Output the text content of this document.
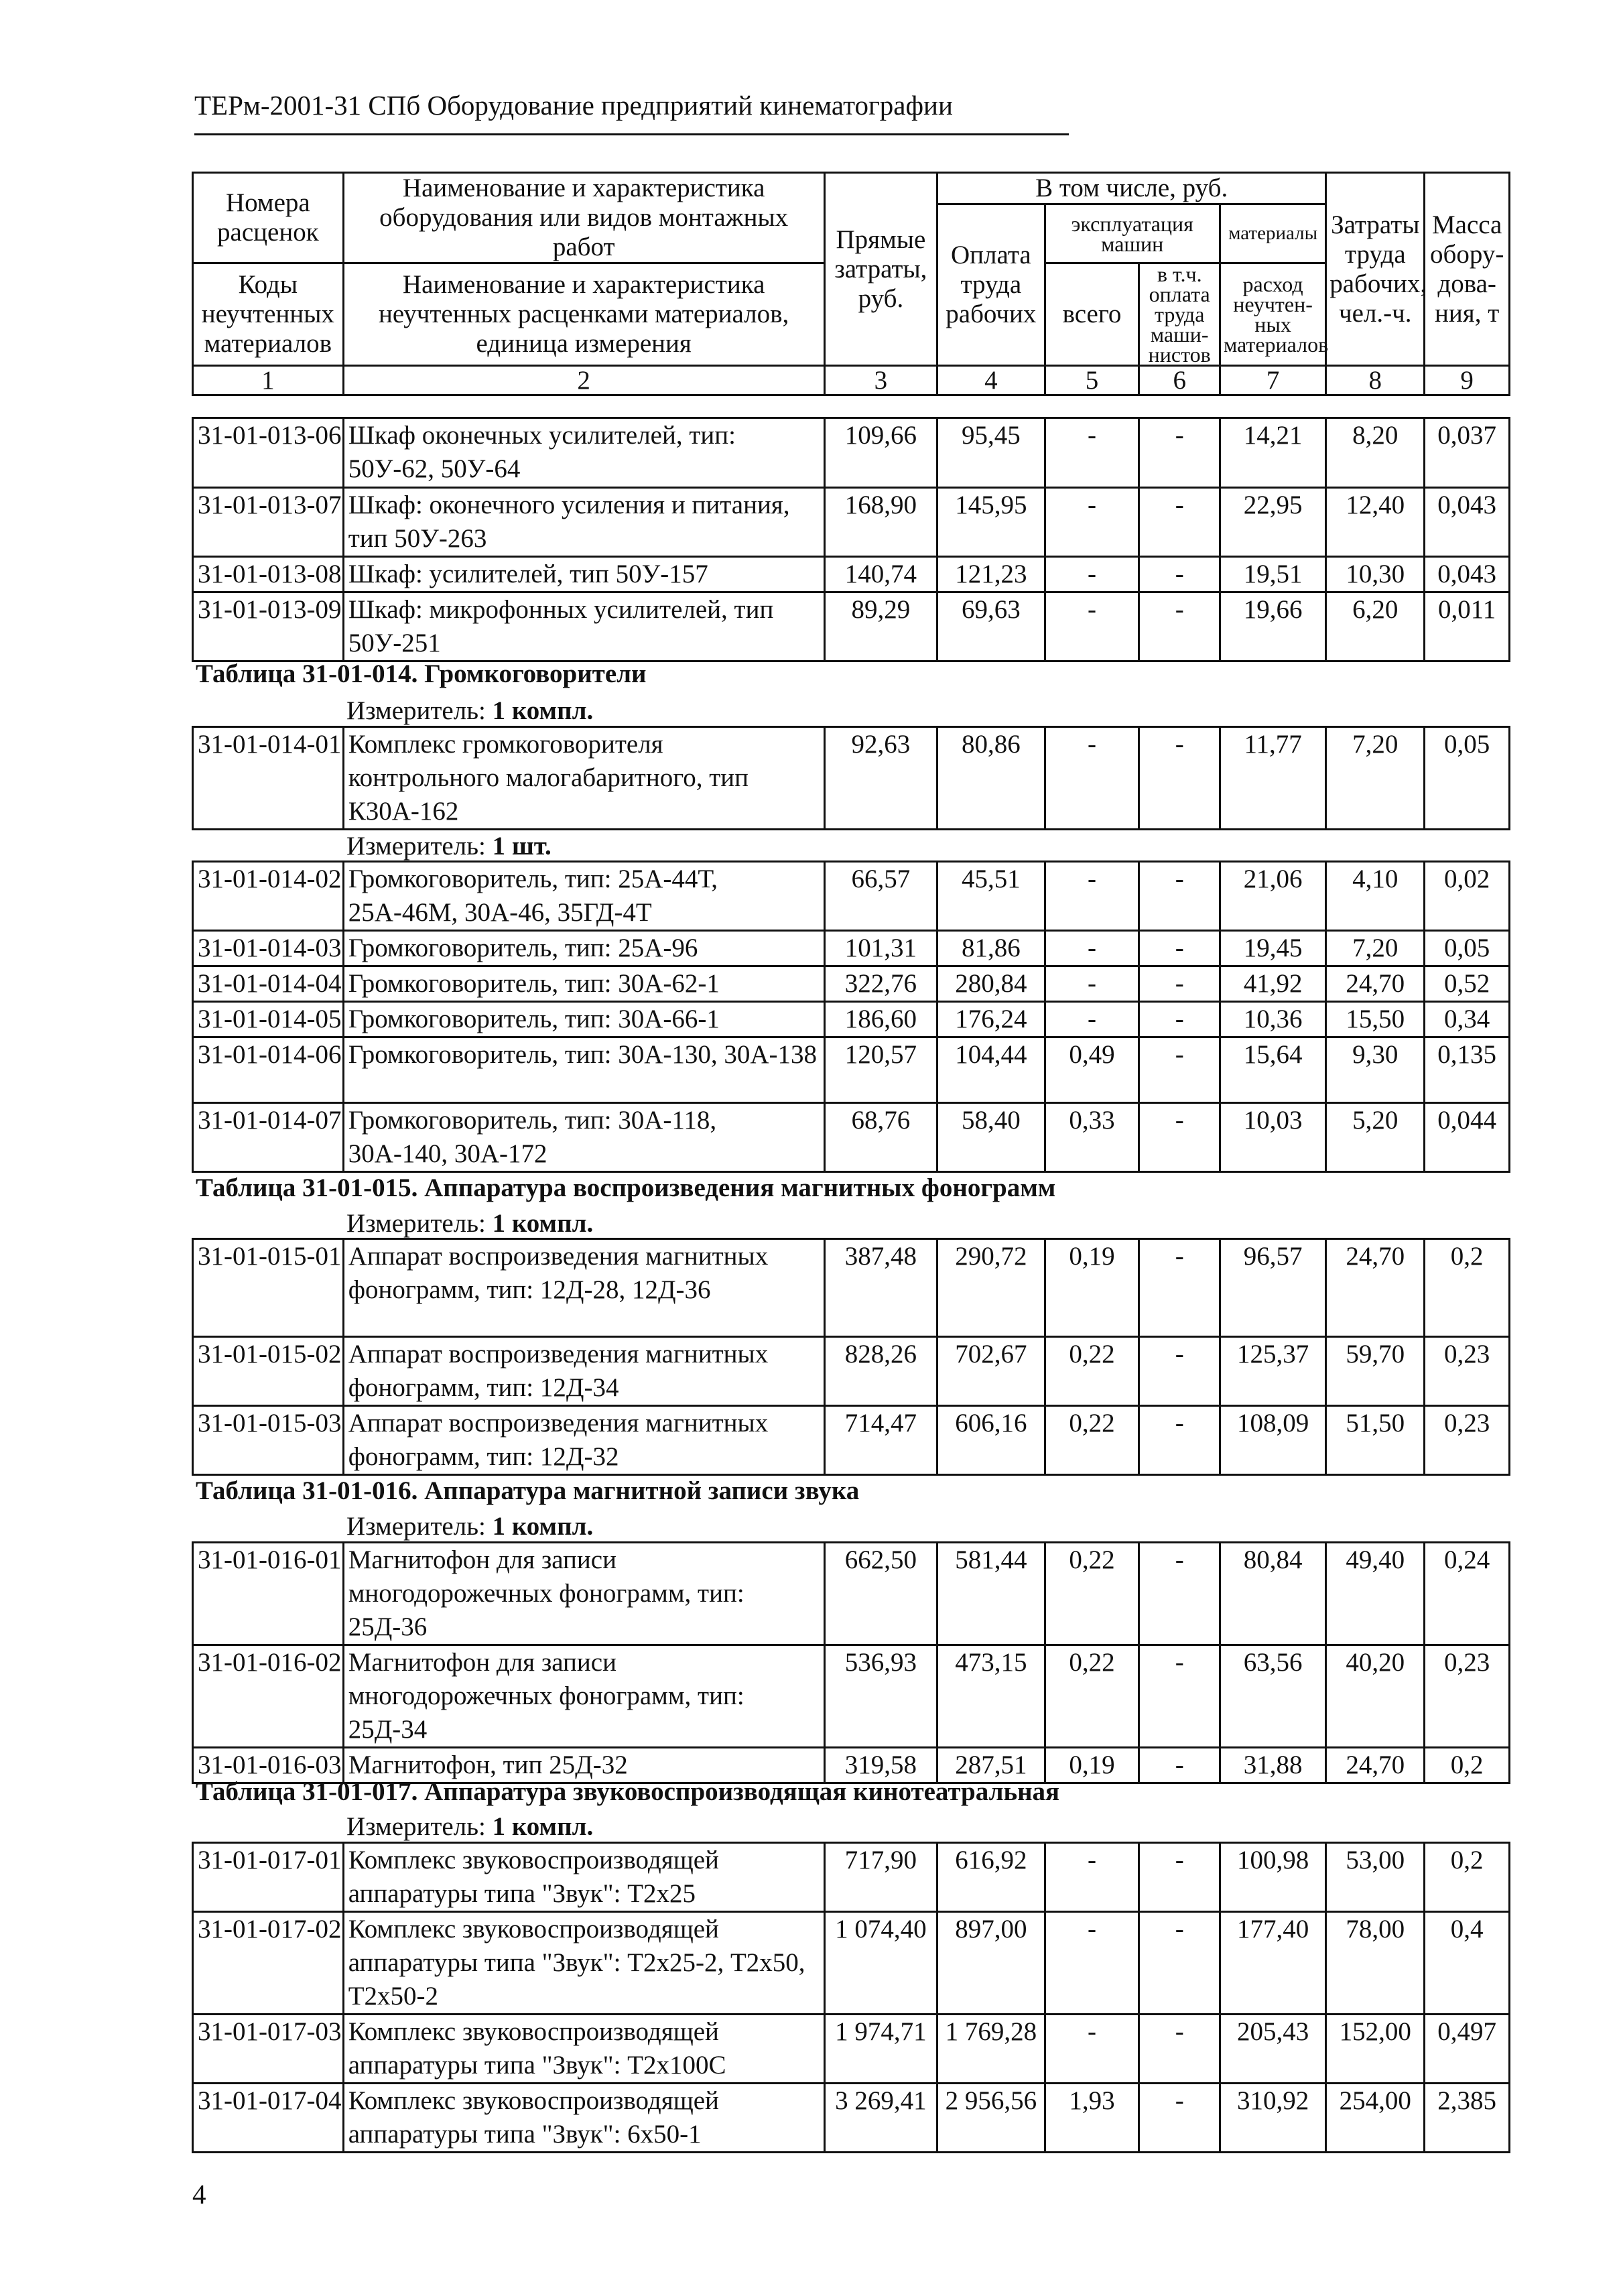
ТЕРм-2001-31 СПб Оборудование предприятий кинематографии
Номера расценок	Наименование и характеристика оборудования или видов монтажных работ	Прямые затраты, руб.	В том числе, руб.				Затраты труда рабочих, чел.-ч.	Масса обору-дова-ния, т
			Оплата труда рабочих	эксплуатация машин		материалы		

Коды неучтенных материалов	Наименование и характеристика неучтенных расценками материалов, единица измерения			всего	в т.ч. оплата труда маши-нистов	расход неучтен-ных материалов		

1	2	3	4	5	6	7	8	9
31-01-013-06	Шкаф оконечных усилителей, тип: 50У-62, 50У-64	109,66	95,45	-	-	14,21	8,20	0,037
31-01-013-07	Шкаф: оконечного усиления и питания, тип 50У-263	168,90	145,95	-	-	22,95	12,40	0,043
31-01-013-08	Шкаф: усилителей, тип 50У-157	140,74	121,23	-	-	19,51	10,30	0,043
31-01-013-09	Шкаф: микрофонных усилителей, тип 50У-251	89,29	69,63	-	-	19,66	6,20	0,011
Таблица 31-01-014. Громкоговорители
Измеритель: 1 компл.
31-01-014-01	Комплекс громкоговорителя контрольного малогабаритного, тип К30А-162	92,63	80,86	-	-	11,77	7,20	0,05
Измеритель: 1 шт.
31-01-014-02	Громкоговоритель, тип: 25А-44Т, 25А-46М, 30А-46, 35ГД-4Т	66,57	45,51	-	-	21,06	4,10	0,02
31-01-014-03	Громкоговоритель, тип: 25А-96	101,31	81,86	-	-	19,45	7,20	0,05
31-01-014-04	Громкоговоритель, тип: 30А-62-1	322,76	280,84	-	-	41,92	24,70	0,52
31-01-014-05	Громкоговоритель, тип: 30А-66-1	186,60	176,24	-	-	10,36	15,50	0,34
31-01-014-06	Громкоговоритель, тип: 30А-130, 30А-138	120,57	104,44	0,49	-	15,64	9,30	0,135
31-01-014-07	Громкоговоритель, тип: 30А-118, 30А-140, 30А-172	68,76	58,40	0,33	-	10,03	5,20	0,044
Таблица 31-01-015. Аппаратура воспроизведения магнитных фонограмм
Измеритель: 1 компл.
31-01-015-01	Аппарат воспроизведения магнитных фонограмм, тип: 12Д-28, 12Д-36	387,48	290,72	0,19	-	96,57	24,70	0,2
31-01-015-02	Аппарат воспроизведения магнитных фонограмм, тип: 12Д-34	828,26	702,67	0,22	-	125,37	59,70	0,23
31-01-015-03	Аппарат воспроизведения магнитных фонограмм, тип: 12Д-32	714,47	606,16	0,22	-	108,09	51,50	0,23
Таблица 31-01-016. Аппаратура магнитной записи звука
Измеритель: 1 компл.
31-01-016-01	Магнитофон для записи многодорожечных фонограмм, тип: 25Д-36	662,50	581,44	0,22	-	80,84	49,40	0,24
31-01-016-02	Магнитофон для записи многодорожечных фонограмм, тип: 25Д-34	536,93	473,15	0,22	-	63,56	40,20	0,23
31-01-016-03	Магнитофон, тип 25Д-32	319,58	287,51	0,19	-	31,88	24,70	0,2
Таблица 31-01-017. Аппаратура звуковоспроизводящая кинотеатральная
Измеритель: 1 компл.
31-01-017-01	Комплекс звуковоспроизводящей аппаратуры типа "Звук": Т2х25	717,90	616,92	-	-	100,98	53,00	0,2
31-01-017-02	Комплекс звуковоспроизводящей аппаратуры типа "Звук": Т2х25-2, Т2х50, Т2х50-2	1 074,40	897,00	-	-	177,40	78,00	0,4
31-01-017-03	Комплекс звуковоспроизводящей аппаратуры типа "Звук": Т2х100С	1 974,71	1 769,28	-	-	205,43	152,00	0,497
31-01-017-04	Комплекс звуковоспроизводящей аппаратуры типа "Звук": 6х50-1	3 269,41	2 956,56	1,93	-	310,92	254,00	2,385
4
